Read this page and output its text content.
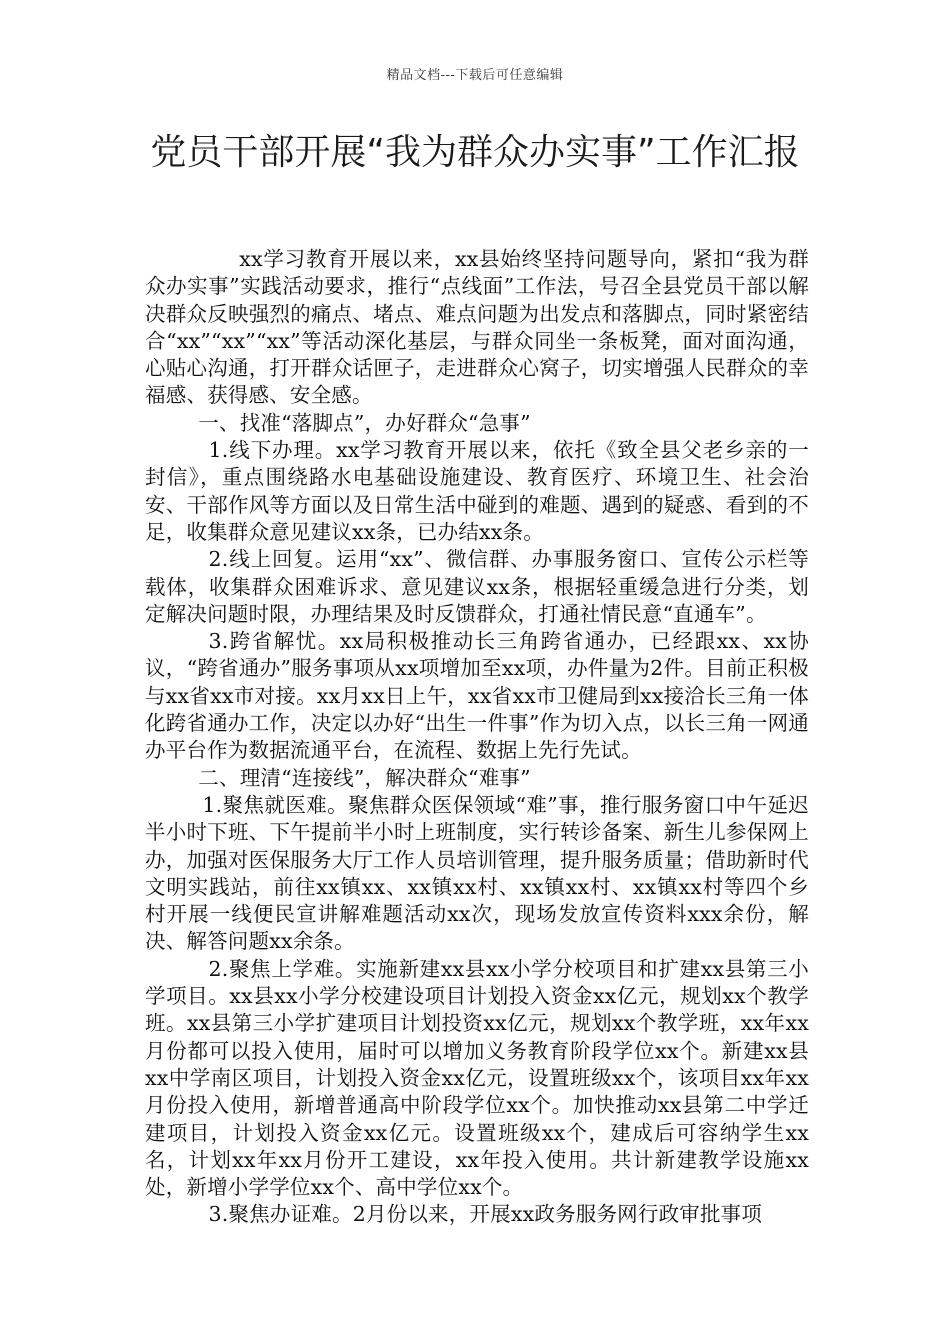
精品文档---下载后可任意编辑
党员干部开展“我为群众办实事”工作汇报

xx学习教育开展以来，xx县始终坚持问题导向，紧扣“我为群众办实事”实践活动要求，推行“点线面”工作法，号召全县党员干部以解决群众反映强烈的痛点、堵点、难点问题为出发点和落脚点，同时紧密结合“xx”“xx”“xx”等活动深化基层，与群众同坐一条板凳，面对面沟通，心贴心沟通，打开群众话匣子，走进群众心窝子，切实增强人民群众的幸福感、获得感、安全感。

一、找准“落脚点”，办好群众“急事”

1.线下办理。xx学习教育开展以来，依托《致全县父老乡亲的一封信》，重点围绕路水电基础设施建设、教育医疗、环境卫生、社会治安、干部作风等方面以及日常生活中碰到的难题、遇到的疑惑、看到的不足，收集群众意见建议xx条，已办结xx条。

2.线上回复。运用“xx”、微信群、办事服务窗口、宣传公示栏等载体，收集群众困难诉求、意见建议xx条，根据轻重缓急进行分类，划定解决问题时限，办理结果及时反馈群众，打通社情民意“直通车”。

3.跨省解忧。xx局积极推动长三角跨省通办，已经跟xx、xx协议，“跨省通办”服务事项从xx项增加至xx项，办件量为2件。目前正积极与xx省xx市对接。xx月xx日上午，xx省xx市卫健局到xx接洽长三角一体化跨省通办工作，决定以办好“出生一件事”作为切入点，以长三角一网通办平台作为数据流通平台，在流程、数据上先行先试。

二、理清“连接线”，解决群众“难事”

1.聚焦就医难。聚焦群众医保领域“难”事，推行服务窗口中午延迟半小时下班、下午提前半小时上班制度，实行转诊备案、新生儿参保网上办，加强对医保服务大厅工作人员培训管理，提升服务质量；借助新时代文明实践站，前往xx镇xx、xx镇xx村、xx镇xx村、xx镇xx村等四个乡村开展一线便民宣讲解难题活动xx次，现场发放宣传资料xxx余份，解决、解答问题xx余条。

2.聚焦上学难。实施新建xx县xx小学分校项目和扩建xx县第三小学项目。xx县xx小学分校建设项目计划投入资金xx亿元，规划xx个教学班。xx县第三小学扩建项目计划投资xx亿元，规划xx个教学班，xx年xx月份都可以投入使用，届时可以增加义务教育阶段学位xx个。新建xx县xx中学南区项目，计划投入资金xx亿元，设置班级xx个，该项目xx年xx月份投入使用，新增普通高中阶段学位xx个。加快推动xx县第二中学迁建项目，计划投入资金xx亿元。设置班级xx个，建成后可容纳学生xx名，计划xx年xx月份开工建设，xx年投入使用。共计新建教学设施xx处，新增小学学位xx个、高中学位xx个。

3.聚焦办证难。2月份以来，开展xx政务服务网行政审批事项
